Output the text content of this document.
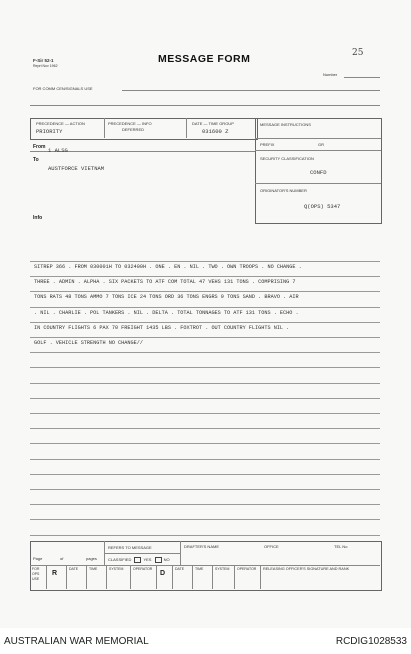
F-Sir 52-1
Reprt Nov 1962
MESSAGE FORM	25
Number
FOR COMM CEN/SIGNALS USE
PRECEDENCE — ACTION
PRIORITY
PRECEDENCE — INFO
DEFERRED
DATE — TIME GROUP
031600 Z
MESSAGE INSTRUCTIONS
PREFIX	GR
SECURITY CLASSIFICATION
CONFD
ORIGINATOR'S NUMBER
Q(OPS) 5347
From 1 ALSG
To
AUSTFORCE VIETNAM
Info
SITREP 366 . FROM 030001H TO 032400H . ONE . EN . NIL . TWO . OWN TROOPS . NO CHANGE .
THREE . ADMIN . ALPHA . SIX PACKETS TO ATF COM TOTAL 47 VEHS 131 TONS . COMPRISING 7
TONS RATS 48 TONS AMMO 7 TONS ICE 24 TONS ORD 36 TONS ENGRS 9 TONS SAND . BRAVO . AIR
. NIL . CHARLIE . POL TANKERS . NIL . DELTA . TOTAL TONNAGES TO ATF 131 TONS . ECHO .
IN COUNTRY FLIGHTS 6 PAX 70 FREIGHT 1435 LBS . FOXTROT . OUT COUNTRY FLIGHTS NIL .
GOLF . VEHICLE STRENGTH NO CHANGE//
Page	of	pages
REFERS TO MESSAGE
CLASSIFIED	YES	NO
DRAFTER'S NAME	OFFICE	TEL No
FOR OPS USE
R
DATE	TIME	SYSTEM	OPERATOR
D
DATE	TIME	SYSTEM OPERATOR RELEASING OFFICER'S SIGNATURE AND RANK
AUSTRALIAN WAR MEMORIAL	RCDIG1028533
